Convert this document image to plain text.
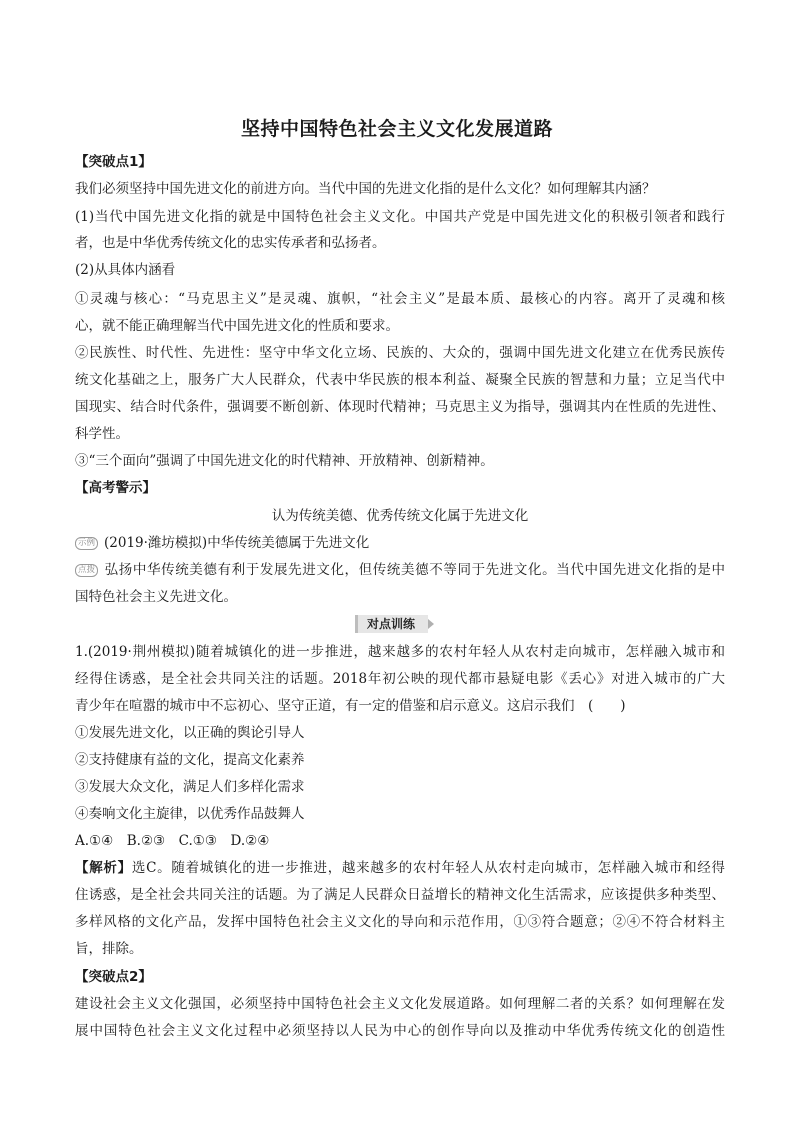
坚持中国特色社会主义文化发展道路
【突破点1】
我们必须坚持中国先进文化的前进方向。当代中国的先进文化指的是什么文化？如何理解其内涵？
(1)当代中国先进文化指的就是中国特色社会主义文化。中国共产党是中国先进文化的积极引领者和践行
者，也是中华优秀传统文化的忠实传承者和弘扬者。
(2)从具体内涵看
①灵魂与核心：“马克思主义”是灵魂、旗帜，“社会主义”是最本质、最核心的内容。离开了灵魂和核
心，就不能正确理解当代中国先进文化的性质和要求。
②民族性、时代性、先进性：坚守中华文化立场、民族的、大众的，强调中国先进文化建立在优秀民族传
统文化基础之上，服务广大人民群众，代表中华民族的根本利益、凝聚全民族的智慧和力量；立足当代中
国现实、结合时代条件，强调要不断创新、体现时代精神；马克思主义为指导，强调其内在性质的先进性、
科学性。
③“三个面向”强调了中国先进文化的时代精神、开放精神、创新精神。
【高考警示】
认为传统美德、优秀传统文化属于先进文化
示例 (2019·潍坊模拟)中华传统美德属于先进文化
点拨 弘扬中华传统美德有利于发展先进文化，但传统美德不等同于先进文化。当代中国先进文化指的是中
国特色社会主义先进文化。
对点训练
1.(2019·荆州模拟)随着城镇化的进一步推进，越来越多的农村年轻人从农村走向城市，怎样融入城市和
经得住诱惑，是全社会共同关注的话题。2018年初公映的现代都市悬疑电影《丢心》对进入城市的广大
青少年在喧嚣的城市中不忘初心、坚守正道，有一定的借鉴和启示意义。这启示我们　(　　)
①发展先进文化，以正确的舆论引导人
②支持健康有益的文化，提高文化素养
③发展大众文化，满足人们多样化需求
④奏响文化主旋律，以优秀作品鼓舞人
A.①④　B.②③　C.①③　D.②④
【解析】选C。随着城镇化的进一步推进，越来越多的农村年轻人从农村走向城市，怎样融入城市和经得
住诱惑，是全社会共同关注的话题。为了满足人民群众日益增长的精神文化生活需求，应该提供多种类型、
多样风格的文化产品，发挥中国特色社会主义文化的导向和示范作用，①③符合题意；②④不符合材料主
旨，排除。
【突破点2】
建设社会主义文化强国，必须坚持中国特色社会主义文化发展道路。如何理解二者的关系？如何理解在发
展中国特色社会主义文化过程中必须坚持以人民为中心的创作导向以及推动中华优秀传统文化的创造性
